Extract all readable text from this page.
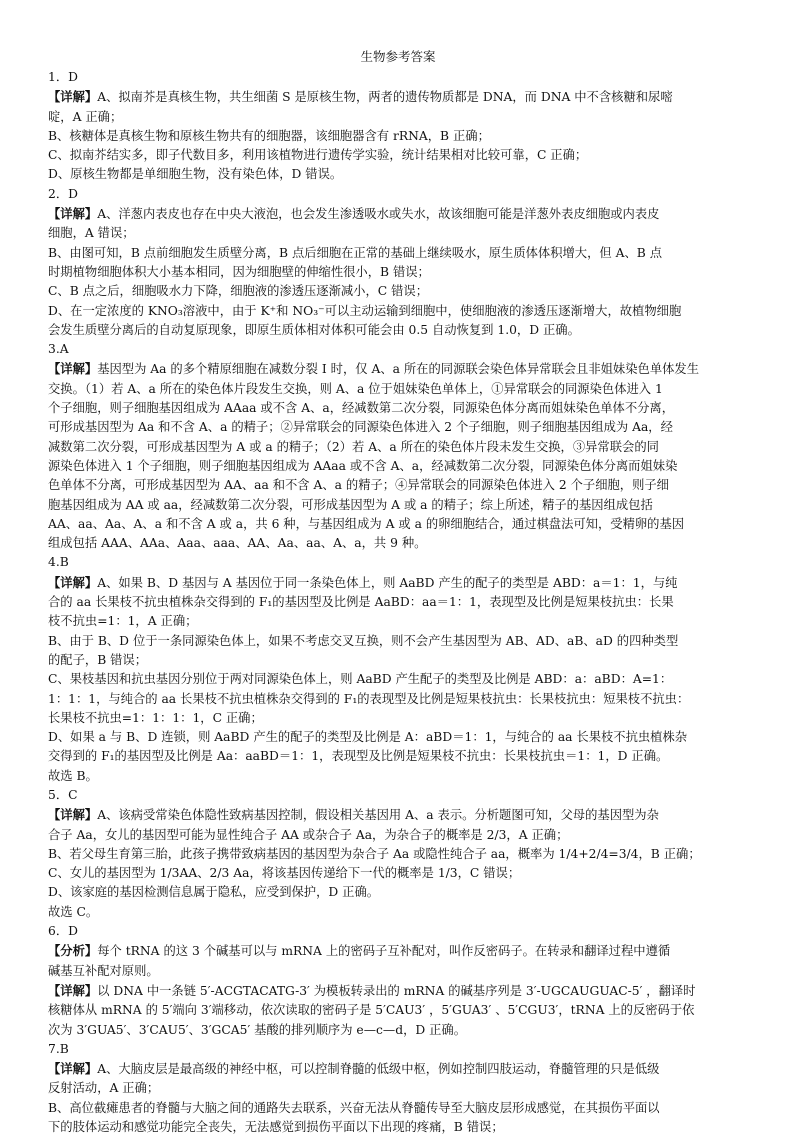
生物参考答案
1．D
【详解】A、拟南芥是真核生物，共生细菌 S 是原核生物，两者的遗传物质都是 DNA，而 DNA 中不含核糖和尿嘧
啶，A 正确；
B、核糖体是真核生物和原核生物共有的细胞器，该细胞器含有 rRNA，B 正确；
C、拟南芥结实多，即子代数目多，利用该植物进行遗传学实验，统计结果相对比较可靠，C 正确；
D、原核生物都是单细胞生物，没有染色体，D 错误。
2．D
【详解】A、洋葱内表皮也存在中央大液泡，也会发生渗透吸水或失水，故该细胞可能是洋葱外表皮细胞或内表皮
细胞，A 错误；
B、由图可知，B 点前细胞发生质壁分离，B 点后细胞在正常的基础上继续吸水，原生质体体积增大，但 A、B 点
时期植物细胞体积大小基本相同，因为细胞壁的伸缩性很小，B 错误；
C、B 点之后，细胞吸水力下降，细胞液的渗透压逐渐减小，C 错误；
D、在一定浓度的 KNO₃溶液中，由于 K⁺和 NO₃⁻可以主动运输到细胞中，使细胞液的渗透压逐渐增大，故植物细胞
会发生质壁分离后的自动复原现象，即原生质体相对体积可能会由 0.5 自动恢复到 1.0，D 正确。
3.A
【详解】基因型为 Aa 的多个精原细胞在减数分裂 I 时，仅 A、a 所在的同源联会染色体异常联会且非姐妹染色单体发生
交换。（1）若 A、a 所在的染色体片段发生交换，则 A、a 位于姐妹染色单体上，①异常联会的同源染色体进入 1
个子细胞，则子细胞基因组成为 AAaa 或不含 A、a，经减数第二次分裂，同源染色体分离而姐妹染色单体不分离，
可形成基因型为 Aa 和不含 A、a 的精子；②异常联会的同源染色体进入 2 个子细胞，则子细胞基因组成为 Aa，经
减数第二次分裂，可形成基因型为 A 或 a 的精子；（2）若 A、a 所在的染色体片段未发生交换，③异常联会的同
源染色体进入 1 个子细胞，则子细胞基因组成为 AAaa 或不含 A、a，经减数第二次分裂，同源染色体分离而姐妹染
色单体不分离，可形成基因型为 AA、aa 和不含 A、a 的精子；④异常联会的同源染色体进入 2 个子细胞，则子细
胞基因组成为 AA 或 aa，经减数第二次分裂，可形成基因型为 A 或 a 的精子；综上所述，精子的基因组成包括
AA、aa、Aa、A、a 和不含 A 或 a，共 6 种，与基因组成为 A 或 a 的卵细胞结合，通过棋盘法可知，受精卵的基因
组成包括 AAA、AAa、Aaa、aaa、AA、Aa、aa、A、a，共 9 种。
4.B
【详解】A、如果 B、D 基因与 A 基因位于同一条染色体上，则 AaBD 产生的配子的类型是 ABD：a＝1：1，与纯
合的 aa 长果枝不抗虫植株杂交得到的 F₁的基因型及比例是 AaBD：aa＝1：1，表现型及比例是短果枝抗虫：长果
枝不抗虫=1：1，A 正确；
B、由于 B、D 位于一条同源染色体上，如果不考虑交叉互换，则不会产生基因型为 AB、AD、aB、aD 的四种类型
的配子，B 错误；
C、果枝基因和抗虫基因分别位于两对同源染色体上，则 AaBD 产生配子的类型及比例是 ABD：a：aBD：A=1：
1：1：1，与纯合的 aa 长果枝不抗虫植株杂交得到的 F₁的表现型及比例是短果枝抗虫：长果枝抗虫：短果枝不抗虫：
长果枝不抗虫=1：1：1：1，C 正确；
D、如果 a 与 B、D 连锁，则 AaBD 产生的配子的类型及比例是 A：aBD＝1：1，与纯合的 aa 长果枝不抗虫植株杂
交得到的 F₁的基因型及比例是 Aa：aaBD＝1：1，表现型及比例是短果枝不抗虫：长果枝抗虫＝1：1，D 正确。
故选 B。
5．C
【详解】A、该病受常染色体隐性致病基因控制，假设相关基因用 A、a 表示。分析题图可知，父母的基因型为杂
合子 Aa，女儿的基因型可能为显性纯合子 AA 或杂合子 Aa，为杂合子的概率是 2/3，A 正确；
B、若父母生育第三胎，此孩子携带致病基因的基因型为杂合子 Aa 或隐性纯合子 aa，概率为 1/4+2/4=3/4，B 正确；
C、女儿的基因型为 1/3AA、2/3 Aa，将该基因传递给下一代的概率是 1/3，C 错误；
D、该家庭的基因检测信息属于隐私，应受到保护，D 正确。
故选 C。
6．D
【分析】每个 tRNA 的这 3 个碱基可以与 mRNA 上的密码子互补配对，叫作反密码子。在转录和翻译过程中遵循
碱基互补配对原则。
【详解】以 DNA 中一条链 5′-ACGTACATG-3′ 为模板转录出的 mRNA 的碱基序列是 3′-UGCAUGUAC-5′ ，翻译时
核糖体从 mRNA 的 5′端向 3′端移动，依次读取的密码子是 5′CAU3′ ，5′GUA3′ 、5′CGU3′，tRNA 上的反密码于依
次为 3′GUA5′、3′CAU5′、3′GCA5′ 基酸的排列顺序为 e—c—d，D 正确。
7.B
【详解】A、大脑皮层是最高级的神经中枢，可以控制脊髓的低级中枢，例如控制四肢运动，脊髓管理的只是低级
反射活动，A 正确；
B、高位截瘫患者的脊髓与大脑之间的通路失去联系，兴奋无法从脊髓传导至大脑皮层形成感觉，在其损伤平面以
下的肢体运动和感觉功能完全丧失，无法感觉到损伤平面以下出现的疼痛，B 错误；
